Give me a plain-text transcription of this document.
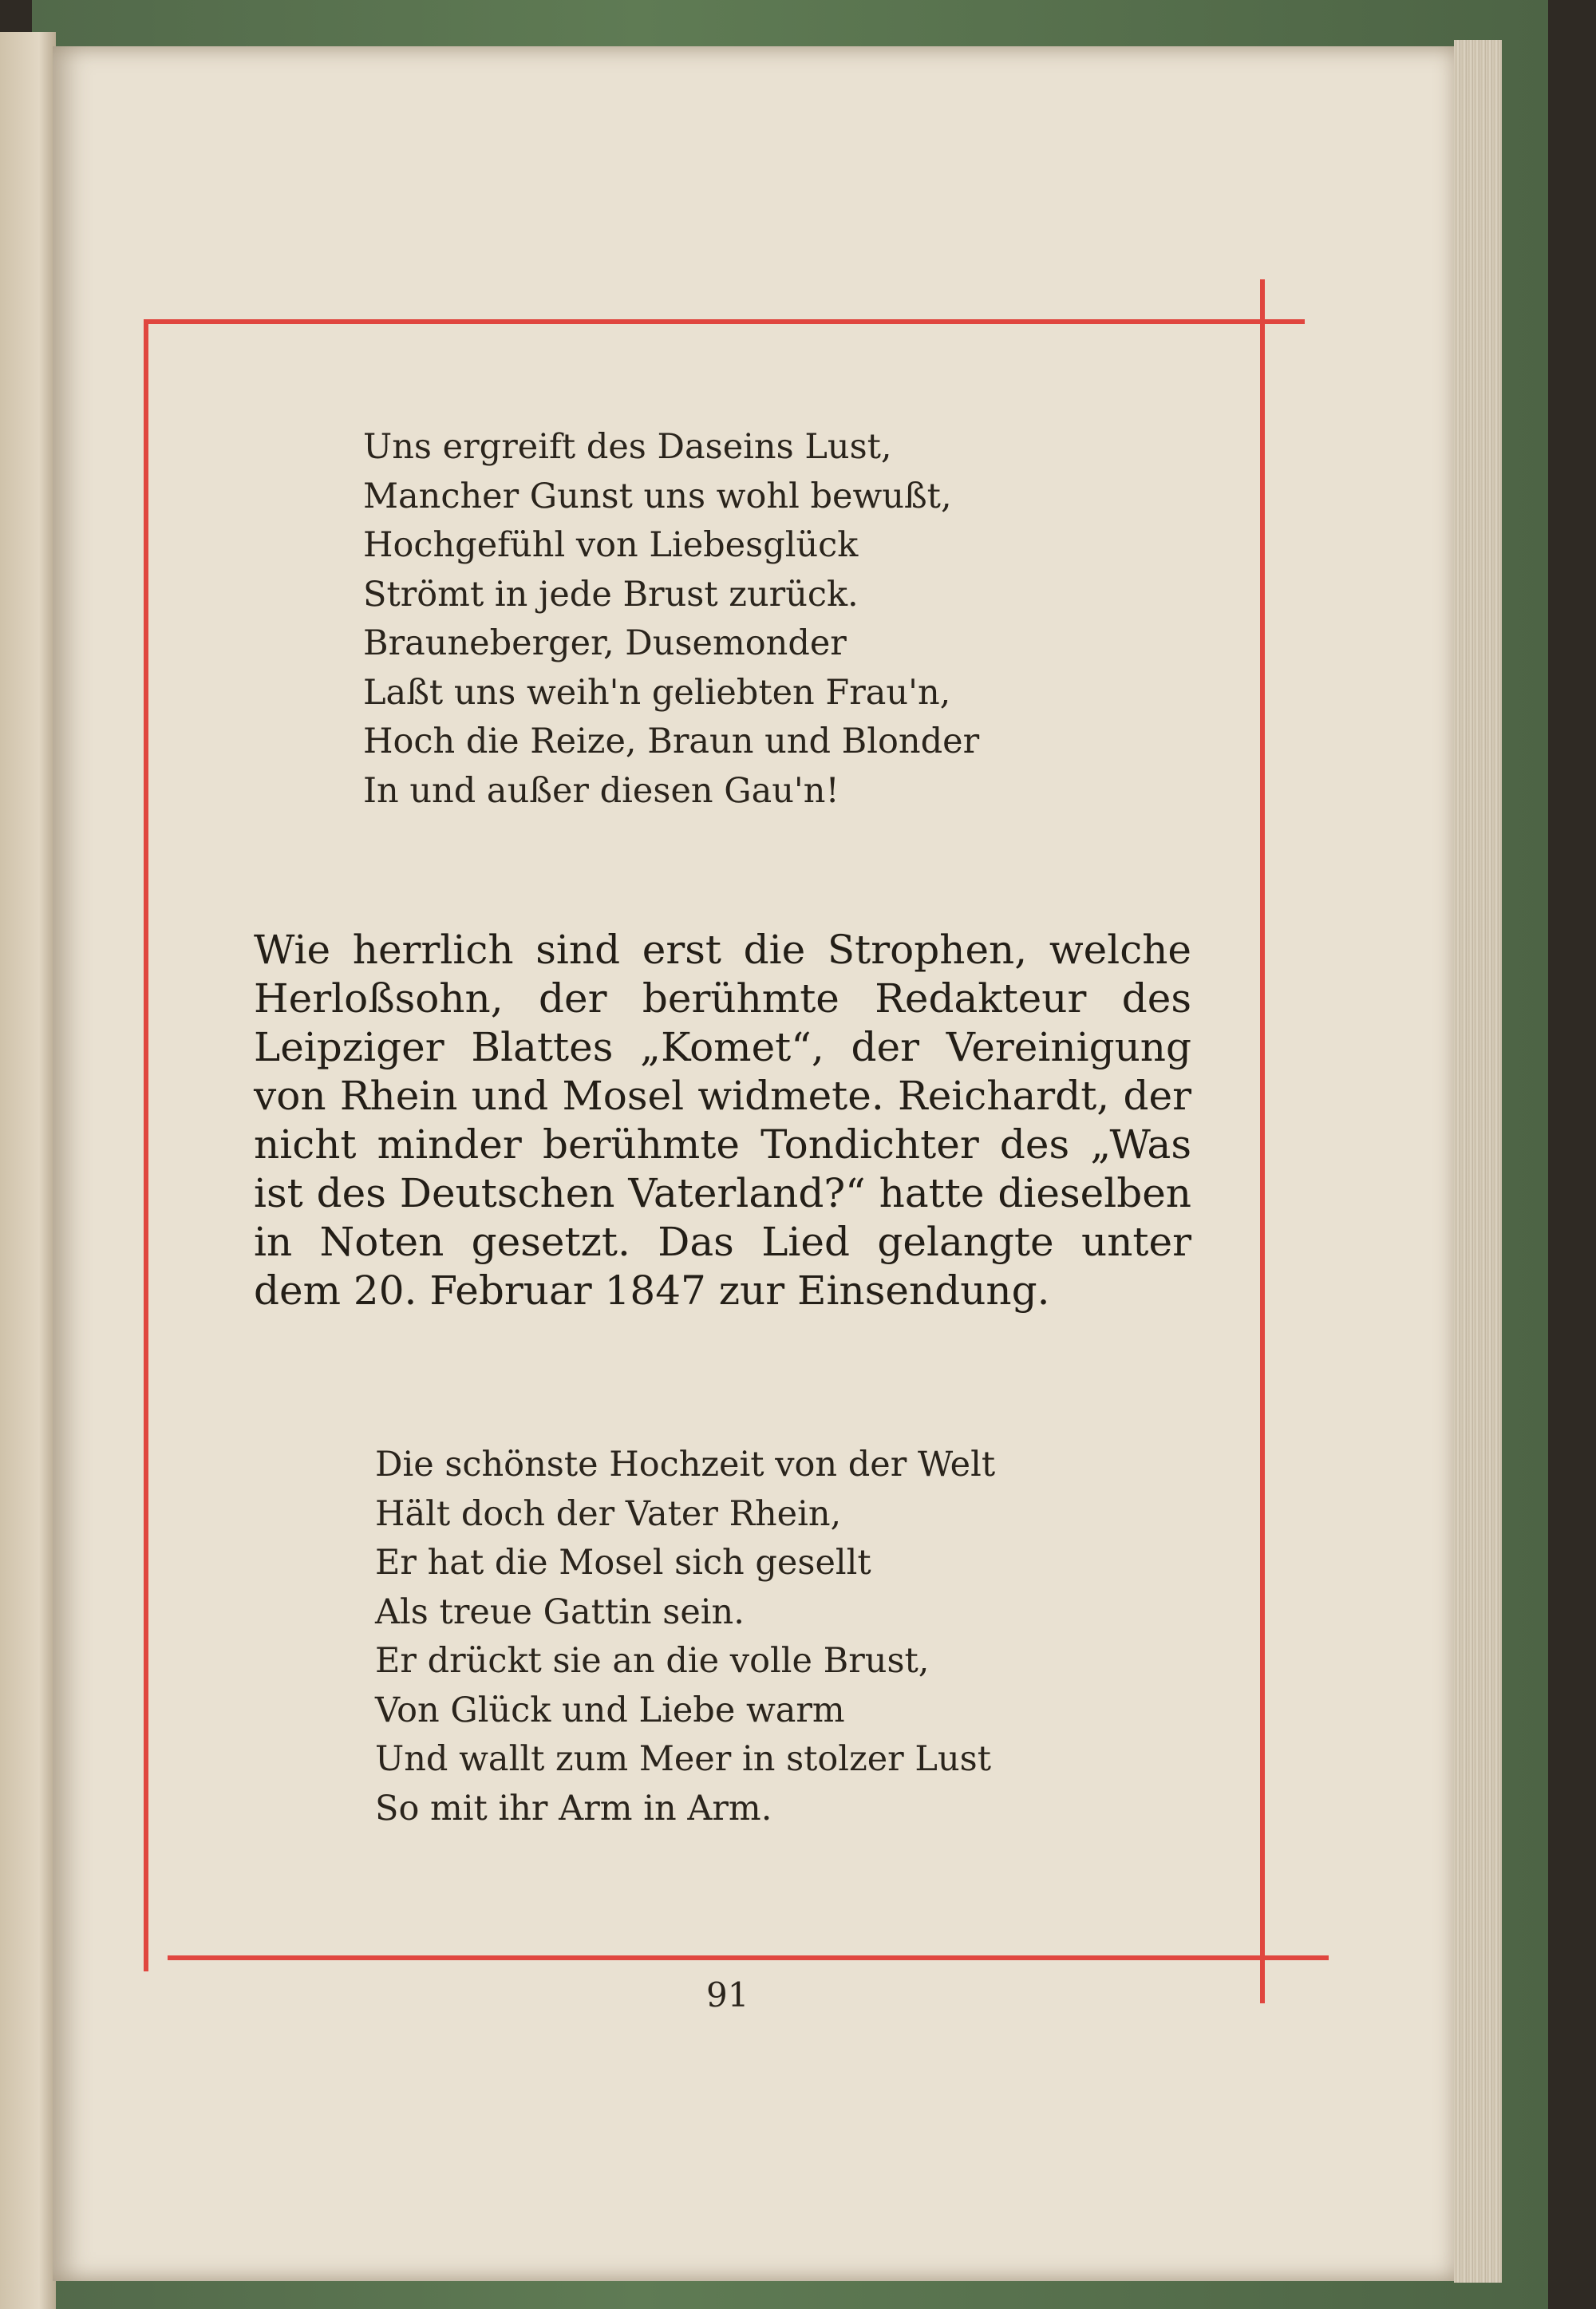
Uns ergreift des Daseins Lust,
Mancher Gunst uns wohl bewußt,
Hochgefühl von Liebesglück
Strömt in jede Brust zurück.
Brauneberger, Dusemonder
Laßt uns weih'n geliebten Frau'n,
Hoch die Reize, Braun und Blonder
In und außer diesen Gau'n!

Wie herrlich sind erst die Strophen, welche Herloßsohn, der berühmte Redakteur des Leipziger Blattes „Komet“, der Vereinigung von Rhein und Mosel widmete. Reichardt, der nicht minder berühmte Tondichter des „Was ist des Deutschen Vaterland?“ hatte dieselben in Noten gesetzt. Das Lied gelangte unter dem 20. Februar 1847 zur Einsendung.

Die schönste Hochzeit von der Welt
Hält doch der Vater Rhein,
Er hat die Mosel sich gesellt
Als treue Gattin sein.
Er drückt sie an die volle Brust,
Von Glück und Liebe warm
Und wallt zum Meer in stolzer Lust
So mit ihr Arm in Arm.
91
